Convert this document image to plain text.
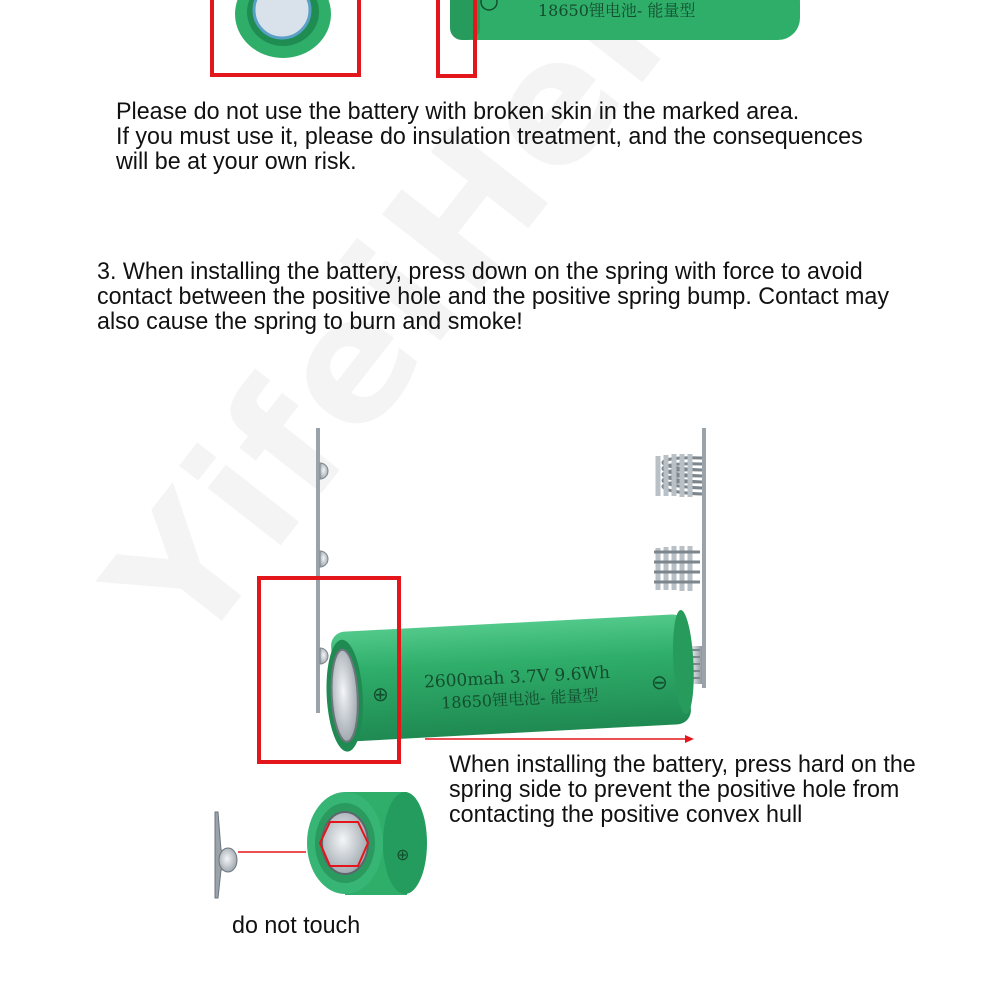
18650锂电池- 能量型
Please do not use the battery with broken skin in the marked area.
If you must use it, please do insulation treatment, and the consequences
will be at your own risk.
3. When installing the battery, press down on the spring with force to avoid
contact between the positive hole and the positive spring bump. Contact may
also cause the spring to burn and smoke!
⊕
2600mah 3.7V 9.6Wh
18650锂电池- 能量型
⊖
⊕
When installing the battery, press hard on the
spring side to prevent the positive hole from
contacting the positive convex hull
do not touch
